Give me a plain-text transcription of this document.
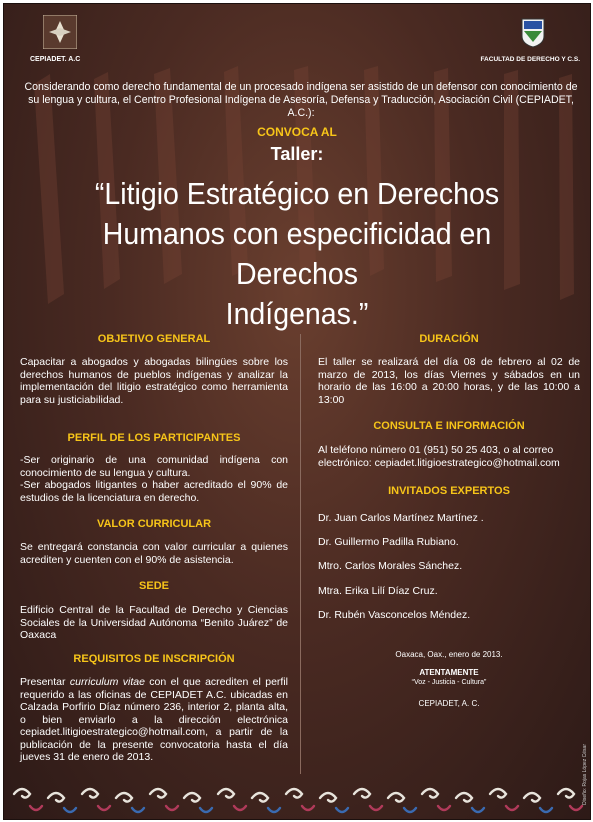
CEPIADET. A.C	FACULTAD DE DERECHO Y C.S.
Considerando como derecho fundamental de un procesado indígena ser asistido de un defensor con conocimiento de su lengua y cultura, el Centro Profesional Indígena de Asesoría, Defensa y Traducción, Asociación Civil (CEPIADET, A.C.):
CONVOCA AL
Taller:
“Litigio Estratégico en Derechos
Humanos con especificidad en Derechos
Indígenas.”
OBJETIVO GENERAL
Capacitar a abogados y abogadas bilingües sobre los derechos humanos de pueblos indígenas y analizar la implementación del litigio estratégico como herramienta para su justiciabilidad.
PERFIL DE LOS PARTICIPANTES
-Ser originario de una comunidad indígena con conocimiento de su lengua y cultura.
-Ser abogados litigantes o haber acreditado el 90% de estudios de la licenciatura en derecho.
VALOR CURRICULAR
Se entregará constancia con valor curricular a quienes acrediten y cuenten con el 90% de asistencia.
SEDE
Edificio Central de la Facultad de Derecho y Ciencias Sociales de la Universidad Autónoma “Benito Juárez” de Oaxaca
REQUISITOS DE INSCRIPCIÓN
Presentar curriculum vitae con el que acrediten el perfil requerido a las oficinas de CEPIADET A.C. ubicadas en Calzada Porfirio Díaz número 236, interior 2, planta alta, o bien enviarlo a la dirección electrónica cepiadet.litigioestrategico@hotmail.com, a partir de la publicación de la presente convocatoria hasta el día jueves 31 de enero de 2013.
DURACIÓN
El taller se realizará del día 08 de febrero al 02 de marzo de 2013, los días Viernes y sábados en un horario de las 16:00 a 20:00 horas, y de las 10:00 a 13:00
CONSULTA E INFORMACIÓN
Al teléfono número 01 (951) 50 25 403, o al correo electrónico: cepiadet.litigioestrategico@hotmail.com
INVITADOS EXPERTOS
Dr. Juan Carlos Martínez Martínez .
Dr. Guillermo Padilla Rubiano.
Mtro. Carlos Morales Sánchez.
Mtra. Erika Lilí Díaz Cruz.
Dr. Rubén Vasconcelos Méndez.
Oaxaca, Oax., enero de 2013.
ATENTAMENTE
“Voz - Justicia - Cultura”
CEPIADET, A. C.
Diseño: Rojas López César
